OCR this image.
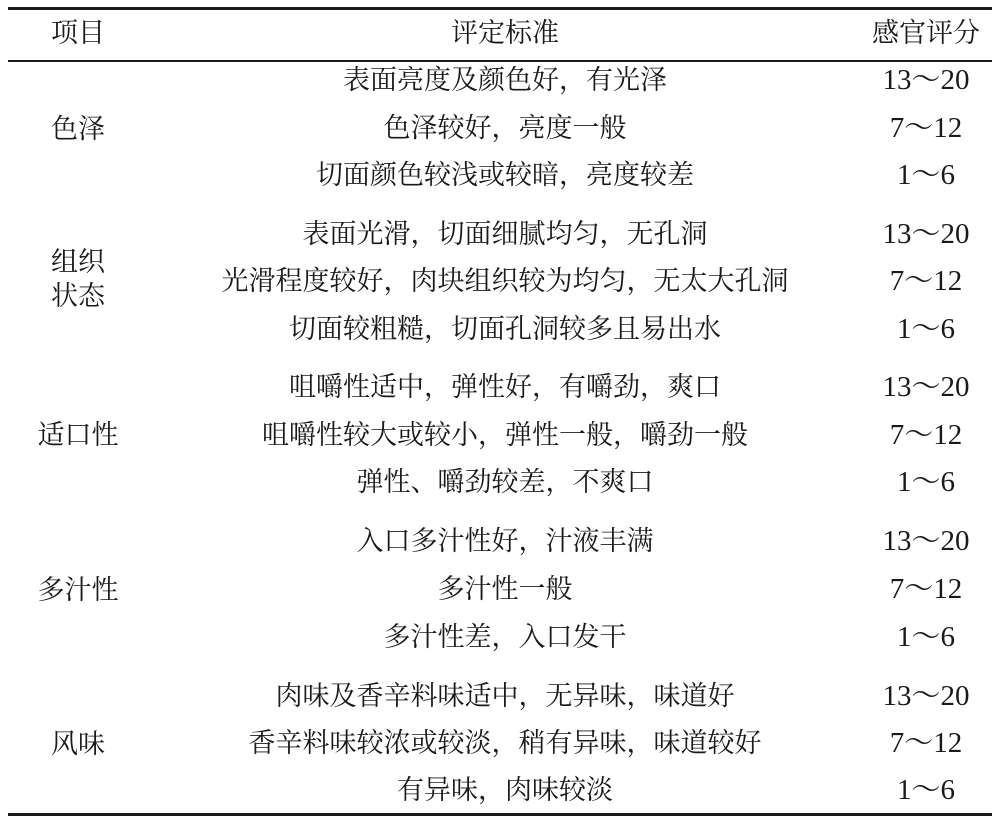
项目	评定标准	感官评分
色泽
表面亮度及颜色好，有光泽	13～20
色泽较好，亮度一般	7～12
切面颜色较浅或较暗，亮度较差	1～6
组织
状态
表面光滑，切面细腻均匀，无孔洞	13～20
光滑程度较好，肉块组织较为均匀，无太大孔洞	7～12
切面较粗糙，切面孔洞较多且易出水	1～6
适口性
咀嚼性适中，弹性好，有嚼劲，爽口	13～20
咀嚼性较大或较小，弹性一般，嚼劲一般	7～12
弹性、嚼劲较差，不爽口	1～6
多汁性
入口多汁性好，汁液丰满	13～20
多汁性一般	7～12
多汁性差，入口发干	1～6
风味
肉味及香辛料味适中，无异味，味道好	13～20
香辛料味较浓或较淡，稍有异味，味道较好	7～12
有异味，肉味较淡	1～6
